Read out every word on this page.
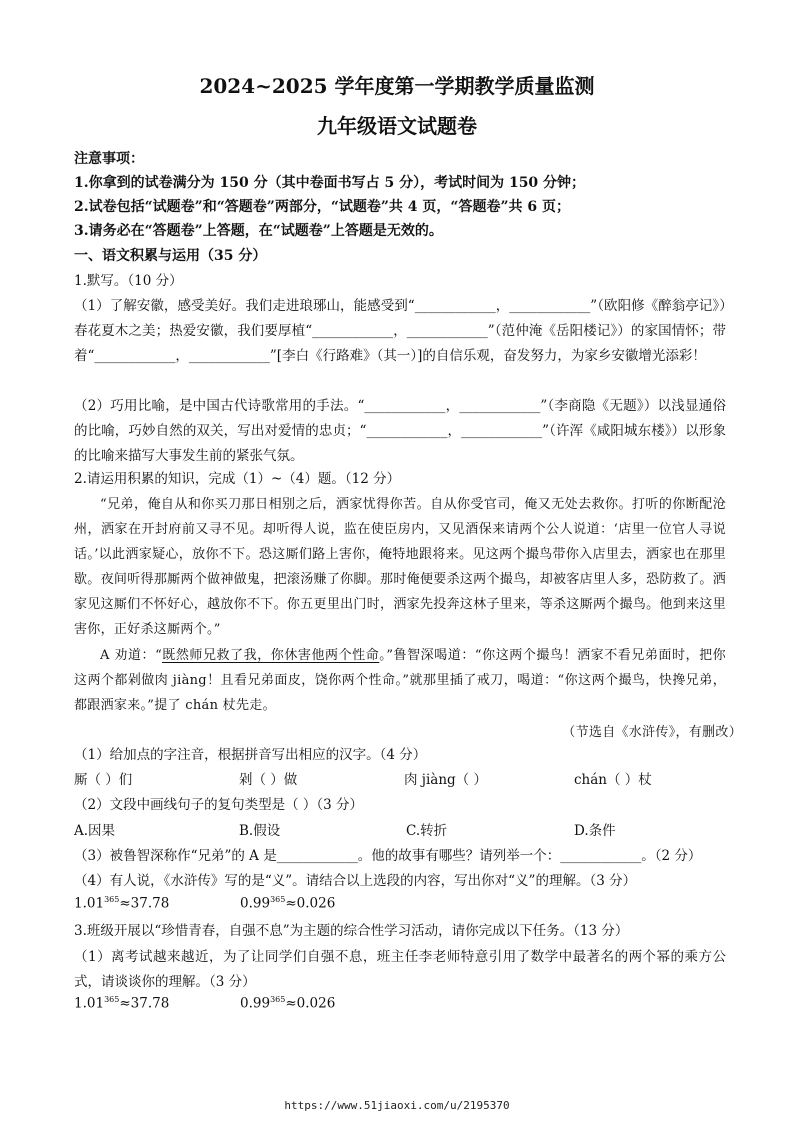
2024~2025 学年度第一学期教学质量监测
九年级语文试题卷
注意事项：
1.你拿到的试卷满分为 150 分（其中卷面书写占 5 分），考试时间为 150 分钟；
2.试卷包括“试题卷”和“答题卷”两部分，“试题卷”共 4 页，“答题卷”共 6 页；
3.请务必在“答题卷”上答题，在“试题卷”上答题是无效的。
一、语文积累与运用（35 分）
1.默写。（10 分）
（1）了解安徽，感受美好。我们走进琅琊山，能感受到“____________，____________”（欧阳修《醉翁亭记》）春花夏木之美；热爱安徽，我们要厚植“____________，____________”（范仲淹《岳阳楼记》）的家国情怀；带着“____________，____________”[李白《行路难》（其一）]的自信乐观，奋发努力，为家乡安徽增光添彩！
（2）巧用比喻，是中国古代诗歌常用的手法。“____________，____________”（李商隐《无题》）以浅显通俗的比喻，巧妙自然的双关，写出对爱情的忠贞；“____________，____________”（许浑《咸阳城东楼》）以形象的比喻来描写大事发生前的紧张气氛。
2.请运用积累的知识，完成（1）~（4）题。（12 分）
“兄弟，俺自从和你买刀那日相别之后，洒家忧得你苦。自从你受官司，俺又无处去救你。打听的你断配沧州，洒家在开封府前又寻不见。却听得人说，监在使臣房内，又见酒保来请两个公人说道：‘店里一位官人寻说话。’以此洒家疑心，放你不下。恐这厮们路上害你，俺特地跟将来。见这两个撮鸟带你入店里去，洒家也在那里歇。夜间听得那厮两个做神做鬼，把滚汤赚了你脚。那时俺便要杀这两个撮鸟，却被客店里人多，恐防救了。洒家见这厮们不怀好心，越放你不下。你五更里出门时，洒家先投奔这林子里来，等杀这厮两个撮鸟。他到来这里害你，正好杀这厮两个。”
A 劝道：“既然师兄救了我，你休害他两个性命。”鲁智深喝道：“你这两个撮鸟！洒家不看兄弟面时，把你这两个都剁做肉 jiàng！且看兄弟面皮，饶你两个性命。”就那里插了戒刀，喝道：“你这两个撮鸟，快搀兄弟，都跟洒家来。”提了 chán 杖先走。
（节选自《水浒传》，有删改）
（1）给加点的字注音，根据拼音写出相应的汉字。（4 分）
厮（ ）们	剁（ ）做	肉 jiàng（ ）	chán（ ）杖
（2）文段中画线句子的复句类型是（ ）（3 分）
A.因果	B.假设	C.转折	D.条件
（3）被鲁智深称作“兄弟”的 A 是____________。他的故事有哪些？请列举一个：____________。（2 分）
（4）有人说，《水浒传》写的是“义”。请结合以上选段的内容，写出你对“义”的理解。（3 分）
$1.01^{365}\approx 37.78$	$0.99^{365}\approx 0.026$
3.班级开展以“珍惜青春，自强不息”为主题的综合性学习活动，请你完成以下任务。（13 分）
（1）离考试越来越近，为了让同学们自强不息，班主任李老师特意引用了数学中最著名的两个幂的乘方公式，请谈谈你的理解。（3 分）
$1.01^{365}\approx 37.78$	$0.99^{365}\approx 0.026$
https://www.51jiaoxi.com/u/2195370
